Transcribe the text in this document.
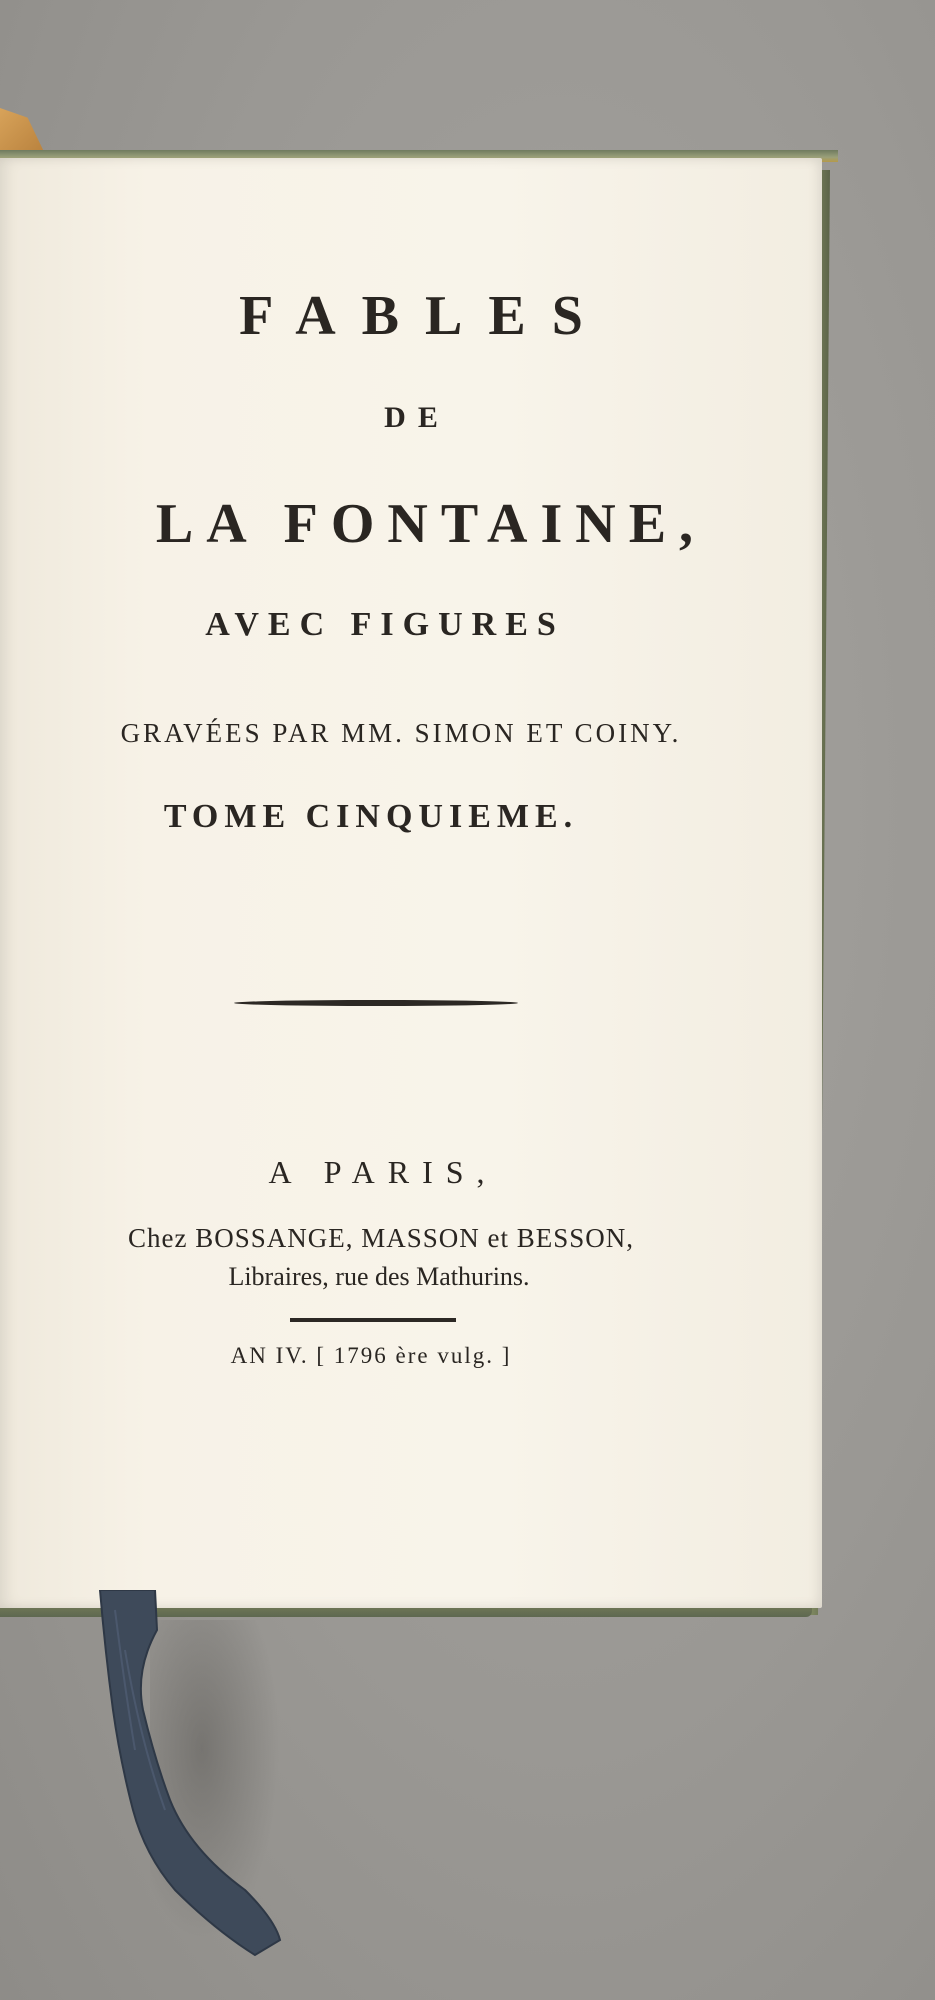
FABLES
DE
LA FONTAINE,
AVEC FIGURES
GRAVÉES PAR MM. SIMON ET COINY.
TOME CINQUIEME.
A PARIS,
Chez BOSSANGE, MASSON et BESSON,
Libraires, rue des Mathurins.
AN IV. [ 1796 ère vulg. ]
